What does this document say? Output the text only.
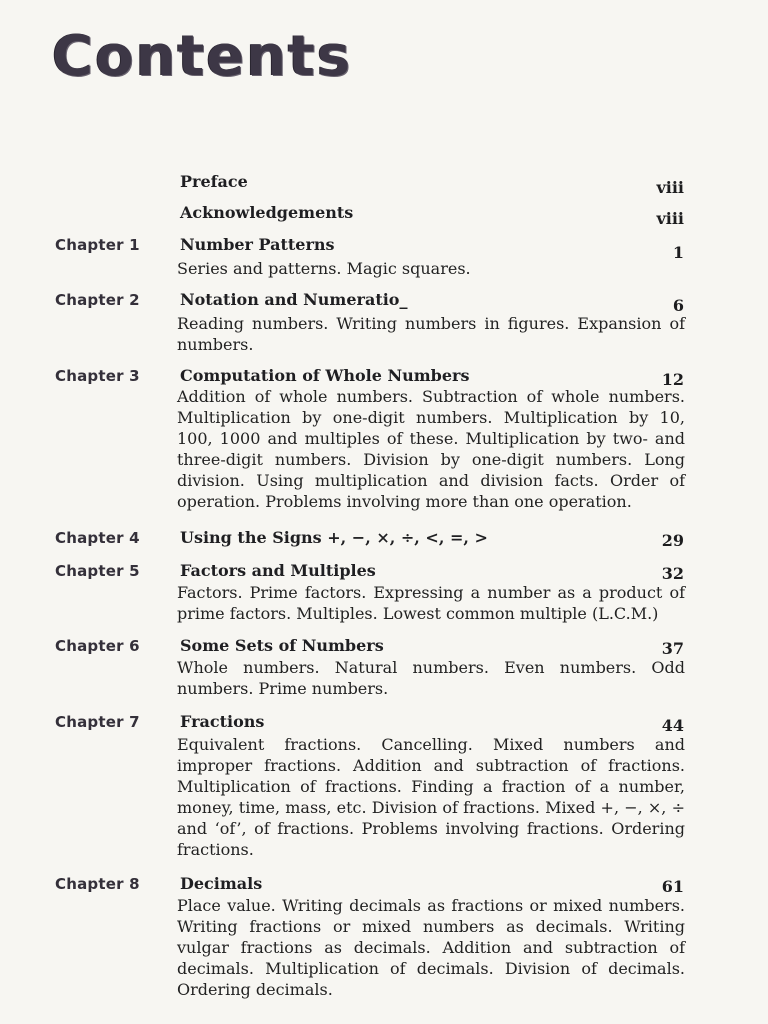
Contents
Preface	viii
Acknowledgements	viii
Chapter 1	Number Patterns	1
Series and patterns. Magic squares.
Chapter 2	Notation and Numeratio_	6
Reading numbers. Writing numbers in figures. Expansion of numbers.
Chapter 3	Computation of Whole Numbers	12
Addition of whole numbers. Subtraction of whole numbers. Multiplication by one-digit numbers. Multiplication by 10, 100, 1000 and multiples of these. Multiplication by two- and three-digit numbers. Division by one-digit numbers. Long division. Using multiplication and division facts. Order of operation. Problems involving more than one operation.
Chapter 4	Using the Signs +, −, ×, ÷, <, =, >	29
Chapter 5	Factors and Multiples	32
Factors. Prime factors. Expressing a number as a product of prime factors. Multiples. Lowest common multiple (L.C.M.)
Chapter 6	Some Sets of Numbers	37
Whole numbers. Natural numbers. Even numbers. Odd numbers. Prime numbers.
Chapter 7	Fractions	44
Equivalent fractions. Cancelling. Mixed numbers and improper fractions. Addition and subtraction of fractions. Multiplication of fractions. Finding a fraction of a number, money, time, mass, etc. Division of fractions. Mixed +, −, ×, ÷ and ‘of’, of fractions. Problems involving fractions. Ordering fractions.
Chapter 8	Decimals	61
Place value. Writing decimals as fractions or mixed numbers. Writing fractions or mixed numbers as decimals. Writing vulgar fractions as decimals. Addition and subtraction of decimals. Multiplication of decimals. Division of decimals. Ordering decimals.
